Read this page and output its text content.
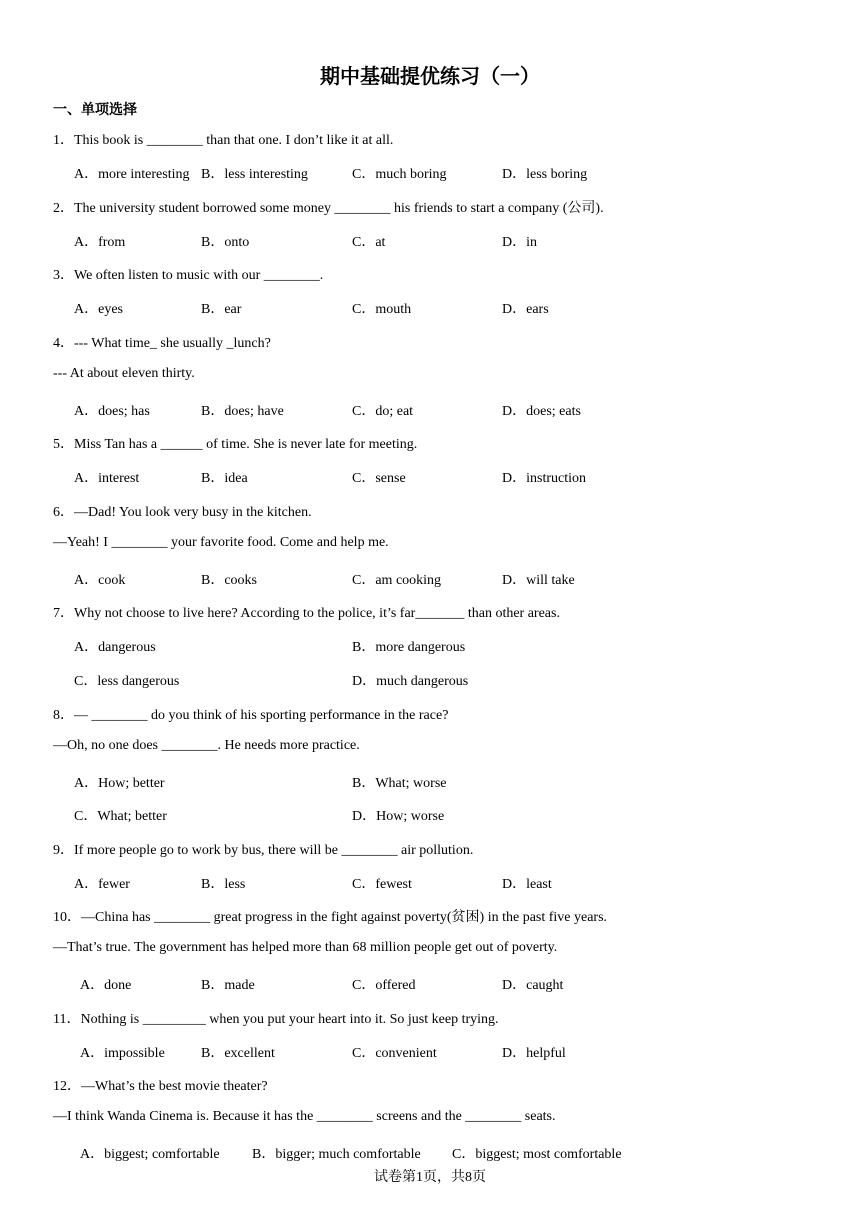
期中基础提优练习（一）
一、单项选择
1．This book is ________ than that one. I don’t like it at all.
A．more interesting B．less interesting	C．much boring	D．less boring
2．The university student borrowed some money ________ his friends to start a company (公司).
A．from	B．onto	C．at	D．in
3．We often listen to music with our ________.
A．eyes	B．ear	C．mouth	D．ears
4．--- What time_ she usually _lunch?
--- At about eleven thirty.
A．does; has	B．does; have	C．do; eat	D．does; eats
5．Miss Tan has a ______ of time. She is never late for meeting.
A．interest	B．idea	C．sense	D．instruction
6．—Dad! You look very busy in the kitchen.
—Yeah! I ________ your favorite food. Come and help me.
A．cook	B．cooks	C．am cooking	D．will take
7．Why not choose to live here? According to the police, it’s far_______ than other areas.
A．dangerous	B．more dangerous
C．less dangerous	D．much dangerous
8．— ________ do you think of his sporting performance in the race?
—Oh, no one does ________. He needs more practice.
A．How; better	B．What; worse
C．What; better	D．How; worse
9．If more people go to work by bus, there will be ________ air pollution.
A．fewer	B．less	C．fewest	D．least
10．—China has ________ great progress in the fight against poverty(贫困) in the past five years.
—That’s true. The government has helped more than 68 million people get out of poverty.
A．done	B．made	C．offered	D．caught
11．Nothing is _________ when you put your heart into it. So just keep trying.
A．impossible	B．excellent	C．convenient	D．helpful
12．—What’s the best movie theater?
—I think Wanda Cinema is. Because it has the ________ screens and the ________ seats.
A．biggest; comfortable B．bigger; much comfortable C．biggest; most comfortable
试卷第1页，共8页
